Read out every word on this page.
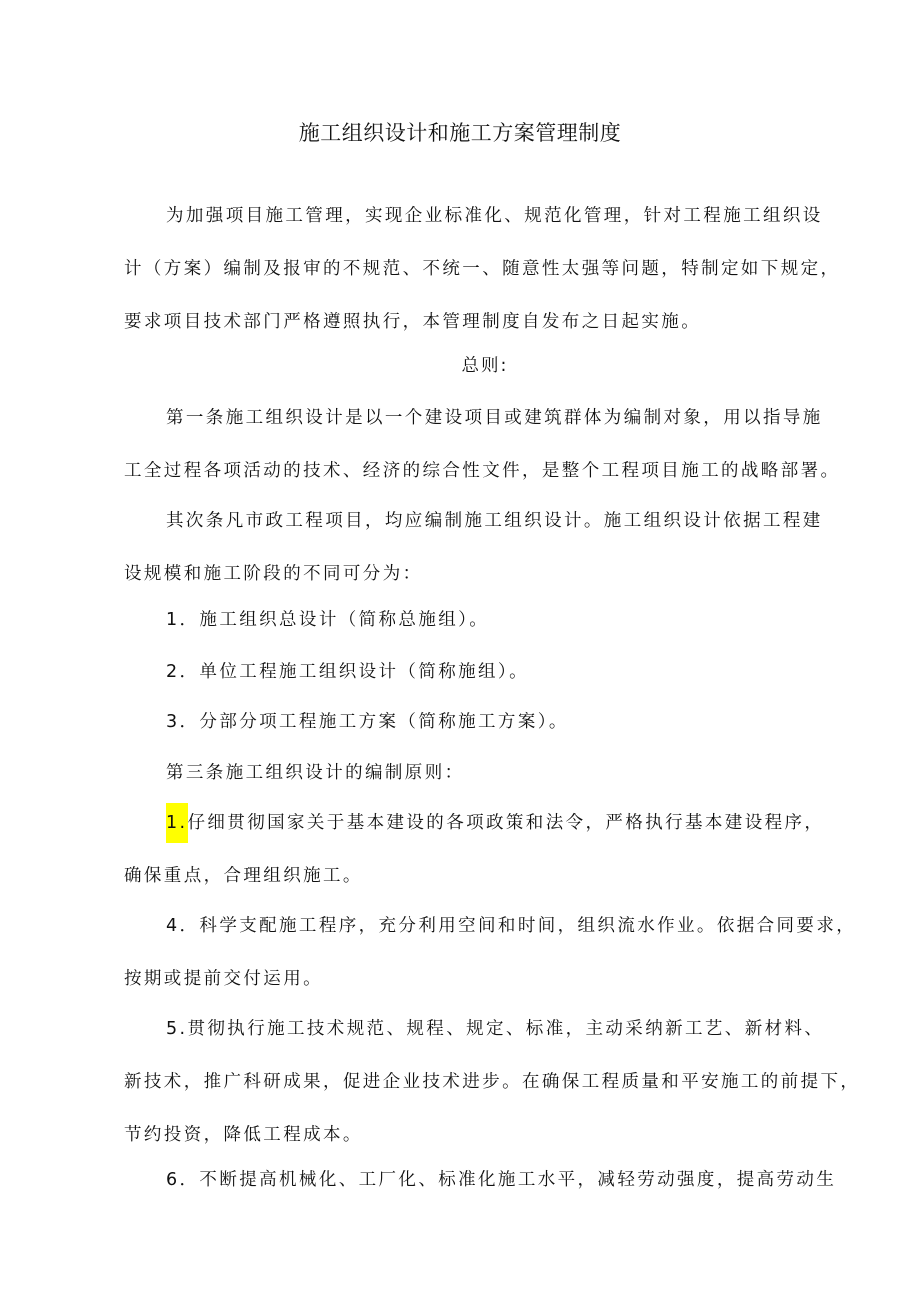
施工组织设计和施工方案管理制度
为加强项目施工管理，实现企业标准化、规范化管理，针对工程施工组织设
计（方案）编制及报审的不规范、不统一、随意性太强等问题，特制定如下规定，
要求项目技术部门严格遵照执行，本管理制度自发布之日起实施。
总则:
第一条施工组织设计是以一个建设项目或建筑群体为编制对象，用以指导施
工全过程各项活动的技术、经济的综合性文件，是整个工程项目施工的战略部署。
其次条凡市政工程项目，均应编制施工组织设计。施工组织设计依据工程建
设规模和施工阶段的不同可分为：
1．施工组织总设计（简称总施组）。
2．单位工程施工组织设计（简称施组）。
3．分部分项工程施工方案（简称施工方案）。
第三条施工组织设计的编制原则：
1.仔细贯彻国家关于基本建设的各项政策和法令，严格执行基本建设程序，
确保重点，合理组织施工。
4．科学支配施工程序，充分利用空间和时间，组织流水作业。依据合同要求，
按期或提前交付运用。
5.贯彻执行施工技术规范、规程、规定、标准，主动采纳新工艺、新材料、
新技术，推广科研成果，促进企业技术进步。在确保工程质量和平安施工的前提下，
节约投资，降低工程成本。
6．不断提高机械化、工厂化、标准化施工水平，减轻劳动强度，提高劳动生
